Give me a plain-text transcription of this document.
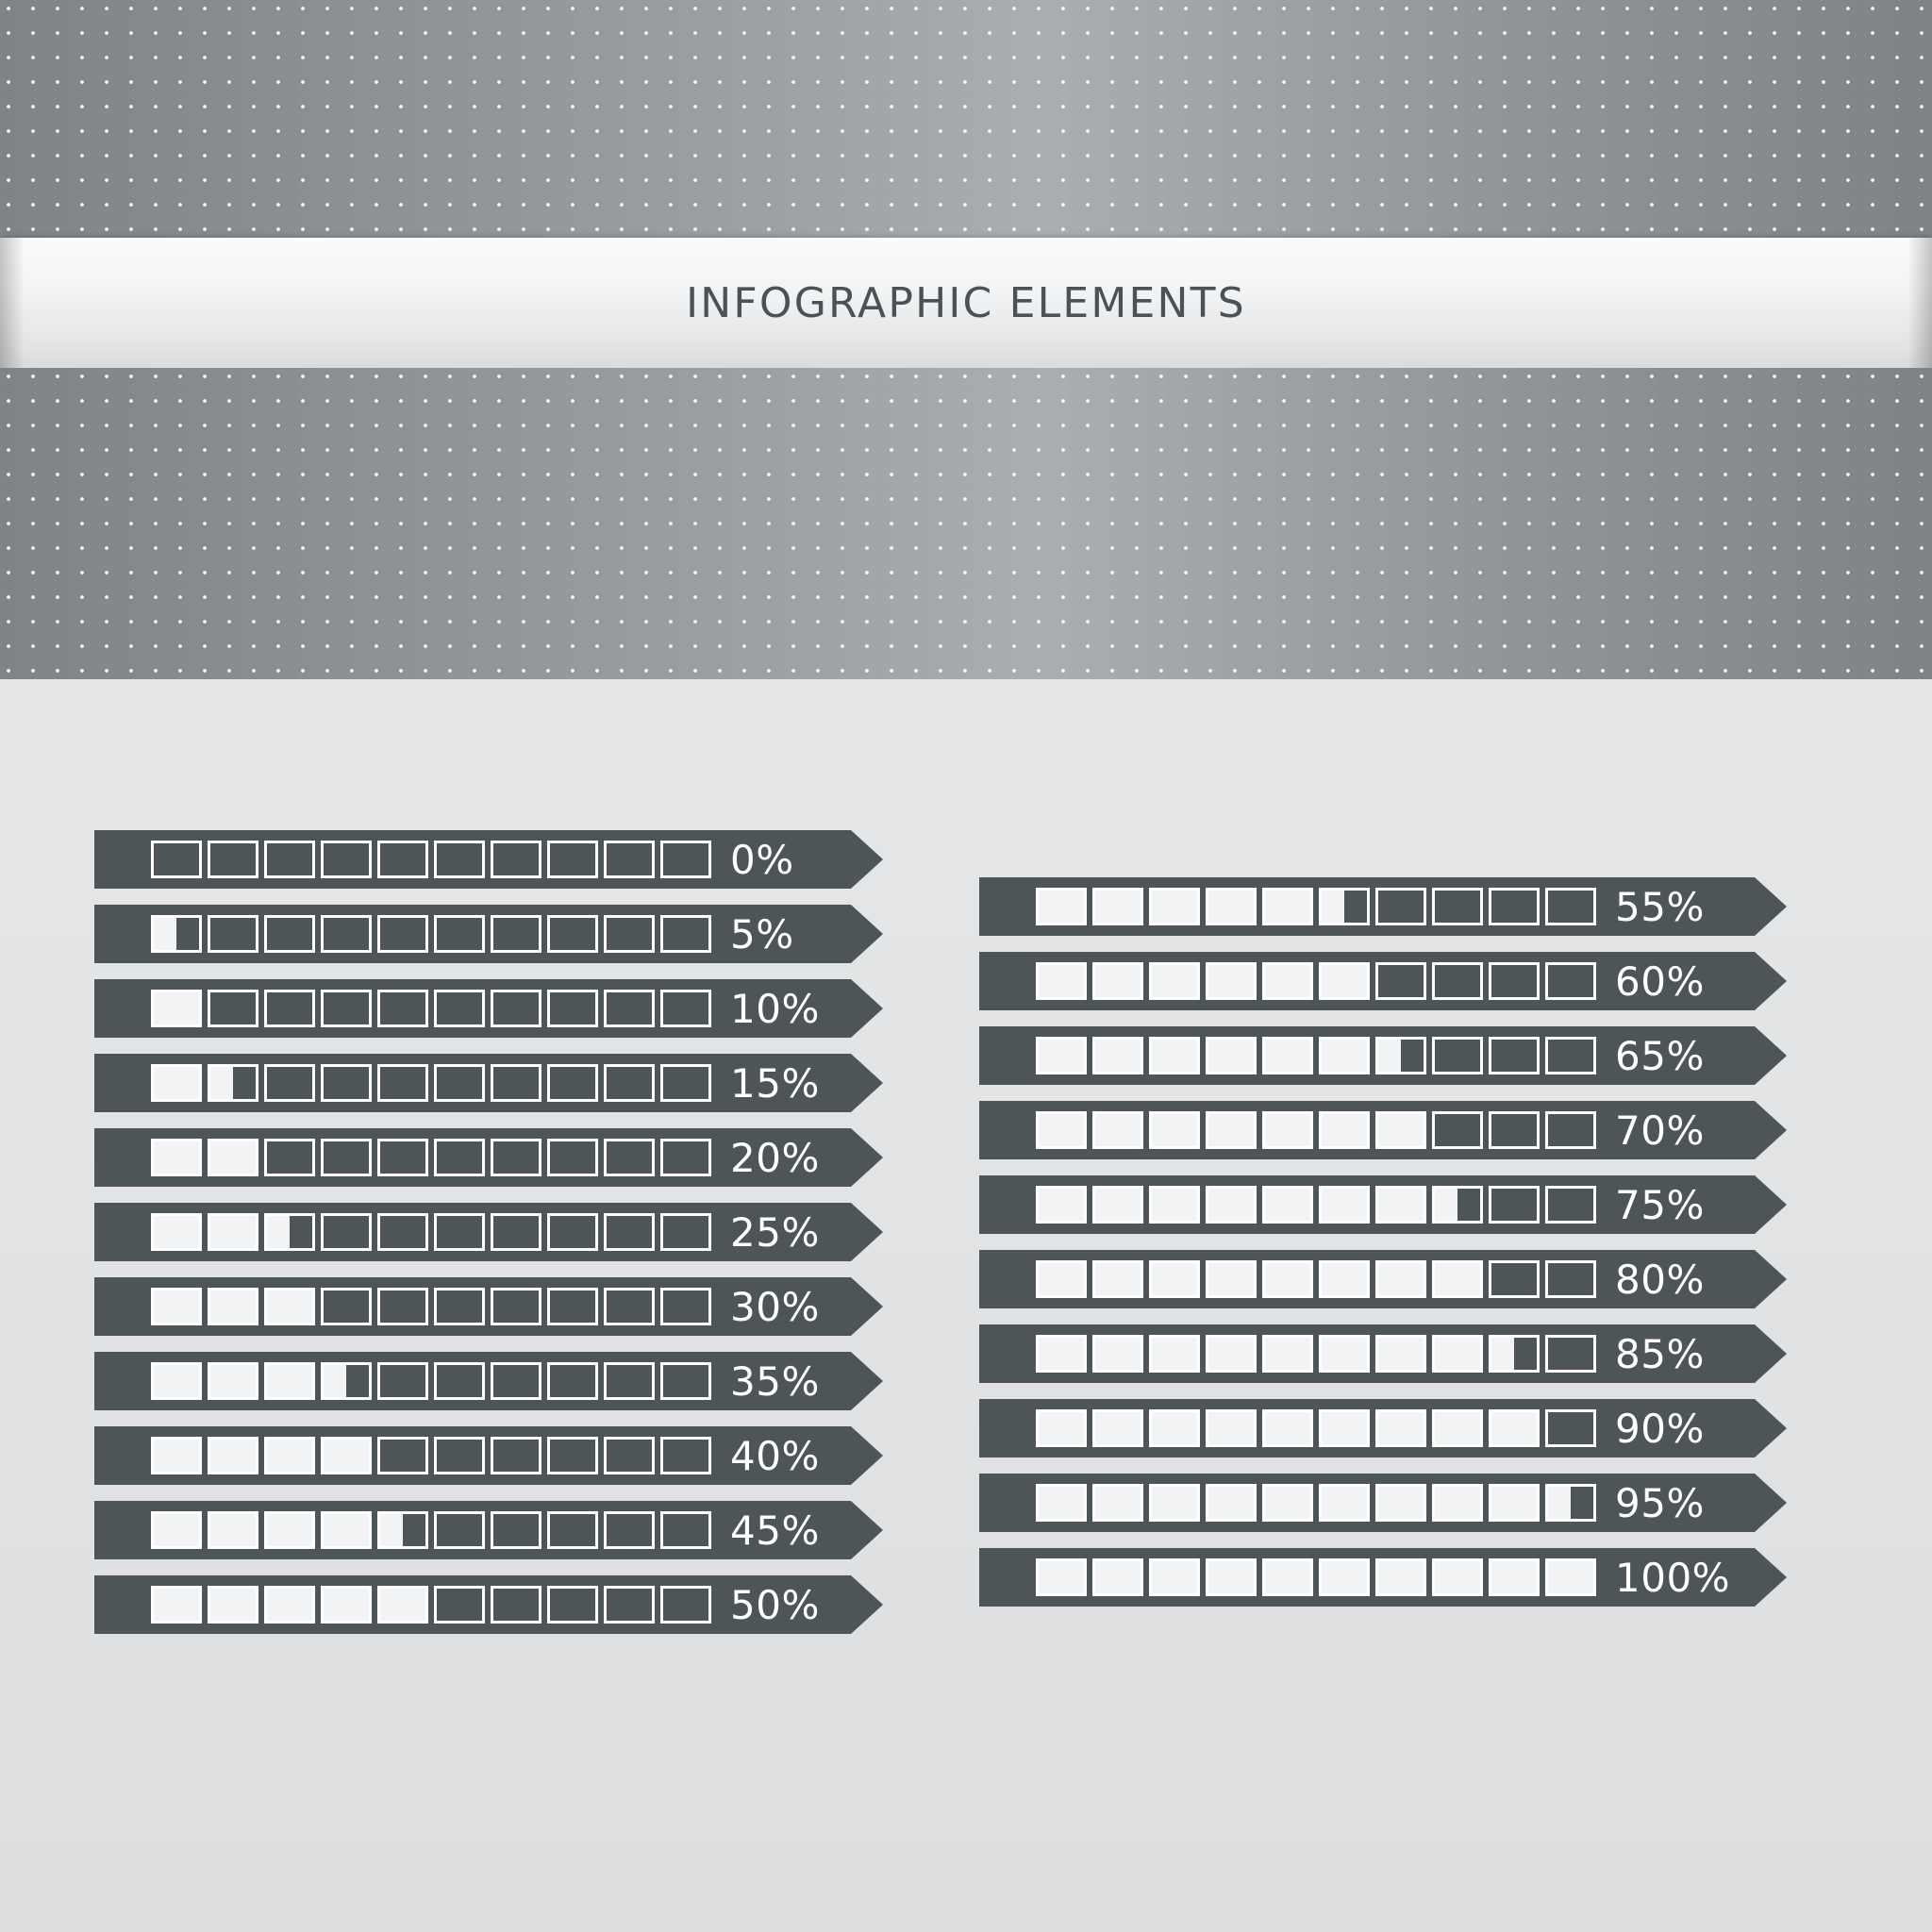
INFOGRAPHIC ELEMENTS
0%
5%
10%
15%
20%
25%
30%
35%
40%
45%
50%
55%
60%
65%
70%
75%
80%
85%
90%
95%
100%
